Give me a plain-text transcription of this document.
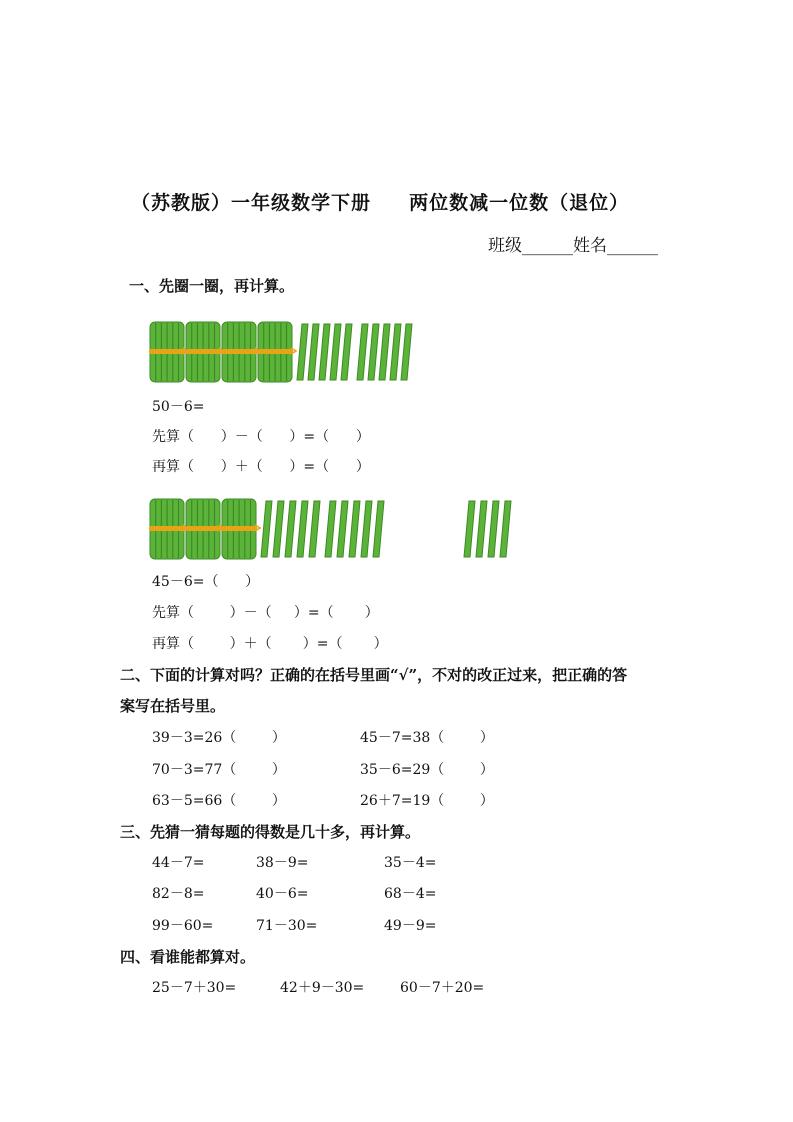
（苏教版）一年级数学下册     两位数减一位数（退位）
班级______姓名______
一、先圈一圈，再计算。
50－6=
先算（      ）－（      ）=（      ）
再算（      ）＋（      ）=（      ）
45－6=（      ）
先算（        ）－（     ）=（       ）
再算（        ）＋（       ）=（       ）
二、下面的计算对吗？正确的在括号里画“√”，不对的改正过来，把正确的答
案写在括号里。
39－3=26（        ）	45－7=38（        ）
70－3=77（        ）	35－6=29（        ）
63－5=66（        ）	26＋7=19（        ）
三、先猜一猜每题的得数是几十多，再计算。
44－7=	38－9=	35－4=
82－8=	40－6=	68－4=
99－60=	71－30=	49－9=
四、看谁能都算对。
25－7＋30=	42＋9－30=	60－7＋20=
